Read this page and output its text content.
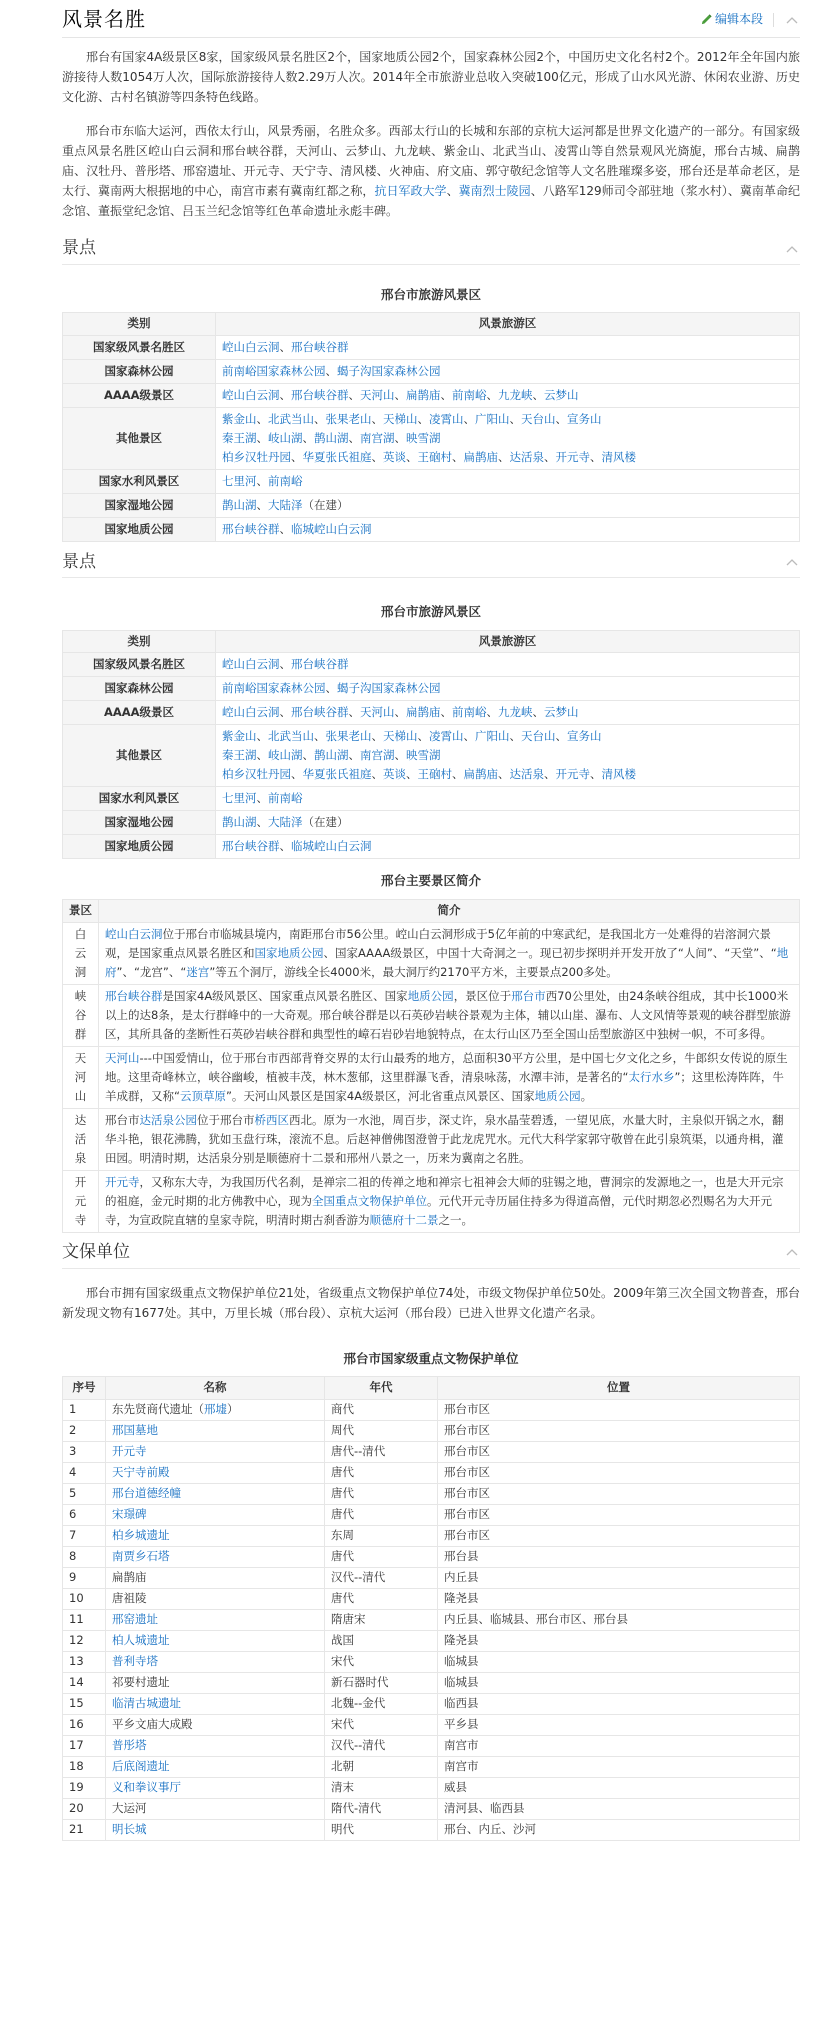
风景名胜	编辑本段

邢台有国家4A级景区8家，国家级风景名胜区2个，国家地质公园2个，国家森林公园2个，中国历史文化名村2个。2012年全年国内旅游接待人数1054万人次，国际旅游接待人数2.29万人次。2014年全市旅游业总收入突破100亿元，形成了山水风光游、休闲农业游、历史文化游、古村名镇游等四条特色线路。

邢台市东临大运河，西依太行山，风景秀丽，名胜众多。西部太行山的长城和东部的京杭大运河都是世界文化遗产的一部分。有国家级重点风景名胜区崆山白云洞和邢台峡谷群，天河山、云梦山、九龙峡、紫金山、北武当山、凌霄山等自然景观风光旖旎，邢台古城、扁鹊庙、汉牡丹、普彤塔、邢窑遗址、开元寺、天宁寺、清风楼、火神庙、府文庙、郭守敬纪念馆等人文名胜璀璨多姿，邢台还是革命老区，是太行、冀南两大根据地的中心，南宫市素有冀南红都之称，抗日军政大学、冀南烈士陵园、八路军129师司令部驻地（浆水村）、冀南革命纪念馆、董振堂纪念馆、吕玉兰纪念馆等红色革命遗址永彪丰碑。

景点
邢台市旅游风景区
类别	风景旅游区
国家级风景名胜区	崆山白云洞、邢台峡谷群

国家森林公园	前南峪国家森林公园、蝎子沟国家森林公园

AAAA级景区	崆山白云洞、邢台峡谷群、天河山、扁鹊庙、前南峪、九龙峡、云梦山

其他景区	紫金山、北武当山、张果老山、天梯山、凌霄山、广阳山、天台山、宣务山
秦王湖、岐山湖、鹊山湖、南宫湖、映雪湖
柏乡汉牡丹园、华夏张氏祖庭、英谈、王硇村、扁鹊庙、达活泉、开元寺、清风楼

国家水利风景区	七里河、前南峪

国家湿地公园	鹊山湖、大陆泽（在建）

国家地质公园	邢台峡谷群、临城崆山白云洞
景点
邢台市旅游风景区
类别	风景旅游区
国家级风景名胜区	崆山白云洞、邢台峡谷群

国家森林公园	前南峪国家森林公园、蝎子沟国家森林公园

AAAA级景区	崆山白云洞、邢台峡谷群、天河山、扁鹊庙、前南峪、九龙峡、云梦山

其他景区	紫金山、北武当山、张果老山、天梯山、凌霄山、广阳山、天台山、宣务山
秦王湖、岐山湖、鹊山湖、南宫湖、映雪湖
柏乡汉牡丹园、华夏张氏祖庭、英谈、王硇村、扁鹊庙、达活泉、开元寺、清风楼

国家水利风景区	七里河、前南峪

国家湿地公园	鹊山湖、大陆泽（在建）

国家地质公园	邢台峡谷群、临城崆山白云洞
邢台主要景区简介
景区	简介

白
云
洞	崆山白云洞位于邢台市临城县境内，南距邢台市56公里。崆山白云洞形成于5亿年前的中寒武纪，是我国北方一处难得的岩溶洞穴景观，是国家重点风景名胜区和国家地质公园、国家AAAA级景区，中国十大奇洞之一。现已初步探明并开发开放了“人间”、“天堂”、“地府”、“龙宫”、“迷宫”等五个洞厅，游线全长4000米，最大洞厅约2170平方米，主要景点200多处。

峡
谷
群	邢台峡谷群是国家4A级风景区、国家重点风景名胜区、国家地质公园，景区位于邢台市西70公里处，由24条峡谷组成，其中长1000米以上的达8条，是太行群峰中的一大奇观。邢台峡谷群是以石英砂岩峡谷景观为主体，辅以山崖、瀑布、人文风情等景观的峡谷群型旅游区，其所具备的垄断性石英砂岩峡谷群和典型性的嶂石岩砂岩地貌特点，在太行山区乃至全国山岳型旅游区中独树一帜，不可多得。

天
河
山	天河山---中国爱情山，位于邢台市西部背脊交界的太行山最秀的地方，总面积30平方公里，是中国七夕文化之乡，牛郎织女传说的原生地。这里奇峰林立，峡谷幽峻，植被丰茂，林木葱郁，这里群瀑飞香，清泉咏荡，水潭丰沛，是著名的“太行水乡”；这里松涛阵阵，牛羊成群，又称“云顶草原”。天河山风景区是国家4A级景区，河北省重点风景区、国家地质公园。

达
活
泉	邢台市达活泉公园位于邢台市桥西区西北。原为一水池，周百步，深丈许，泉水晶莹碧透，一望见底，水量大时，主泉似开锅之水，翻华斗艳，银花沸腾，犹如玉盘行珠，滚流不息。后赵神僧佛图澄曾于此龙虎咒水。元代大科学家郭守敬曾在此引泉筑渠，以通舟楫，灌田园。明清时期，达活泉分别是顺德府十二景和邢州八景之一，历来为冀南之名胜。

开
元
寺	开元寺，又称东大寺，为我国历代名刹，是禅宗二祖的传禅之地和禅宗七祖神会大师的驻锡之地，曹洞宗的发源地之一，也是大开元宗的祖庭，金元时期的北方佛教中心，现为全国重点文物保护单位。元代开元寺历届住持多为得道高僧，元代时期忽必烈赐名为大开元寺，为宣政院直辖的皇家寺院，明清时期古刹香游为顺德府十二景之一。
文保单位

邢台市拥有国家级重点文物保护单位21处，省级重点文物保护单位74处，市级文物保护单位50处。2009年第三次全国文物普查，邢台新发现文物有1677处。其中，万里长城（邢台段）、京杭大运河（邢台段）已进入世界文化遗产名录。

邢台市国家级重点文物保护单位
序号	名称	年代	位置
1	东先贤商代遗址（邢墟）	商代	邢台市区
2	邢国墓地	周代	邢台市区
3	开元寺	唐代--清代	邢台市区
4	天宁寺前殿	唐代	邢台市区
5	邢台道德经幢	唐代	邢台市区
6	宋璟碑	唐代	邢台市区
7	柏乡城遗址	东周	邢台市区
8	南贾乡石塔	唐代	邢台县
9	扁鹊庙	汉代--清代	内丘县
10	唐祖陵	唐代	隆尧县
11	邢窑遗址	隋唐宋	内丘县、临城县、邢台市区、邢台县
12	柏人城遗址	战国	隆尧县
13	普利寺塔	宋代	临城县
14	祁要村遗址	新石器时代	临城县
15	临清古城遗址	北魏--金代	临西县
16	平乡文庙大成殿	宋代	平乡县
17	普彤塔	汉代--清代	南宫市
18	后底阁遗址	北朝	南宫市
19	义和拳议事厅	清末	威县
20	大运河	隋代-清代	清河县、临西县
21	明长城	明代	邢台、内丘、沙河
